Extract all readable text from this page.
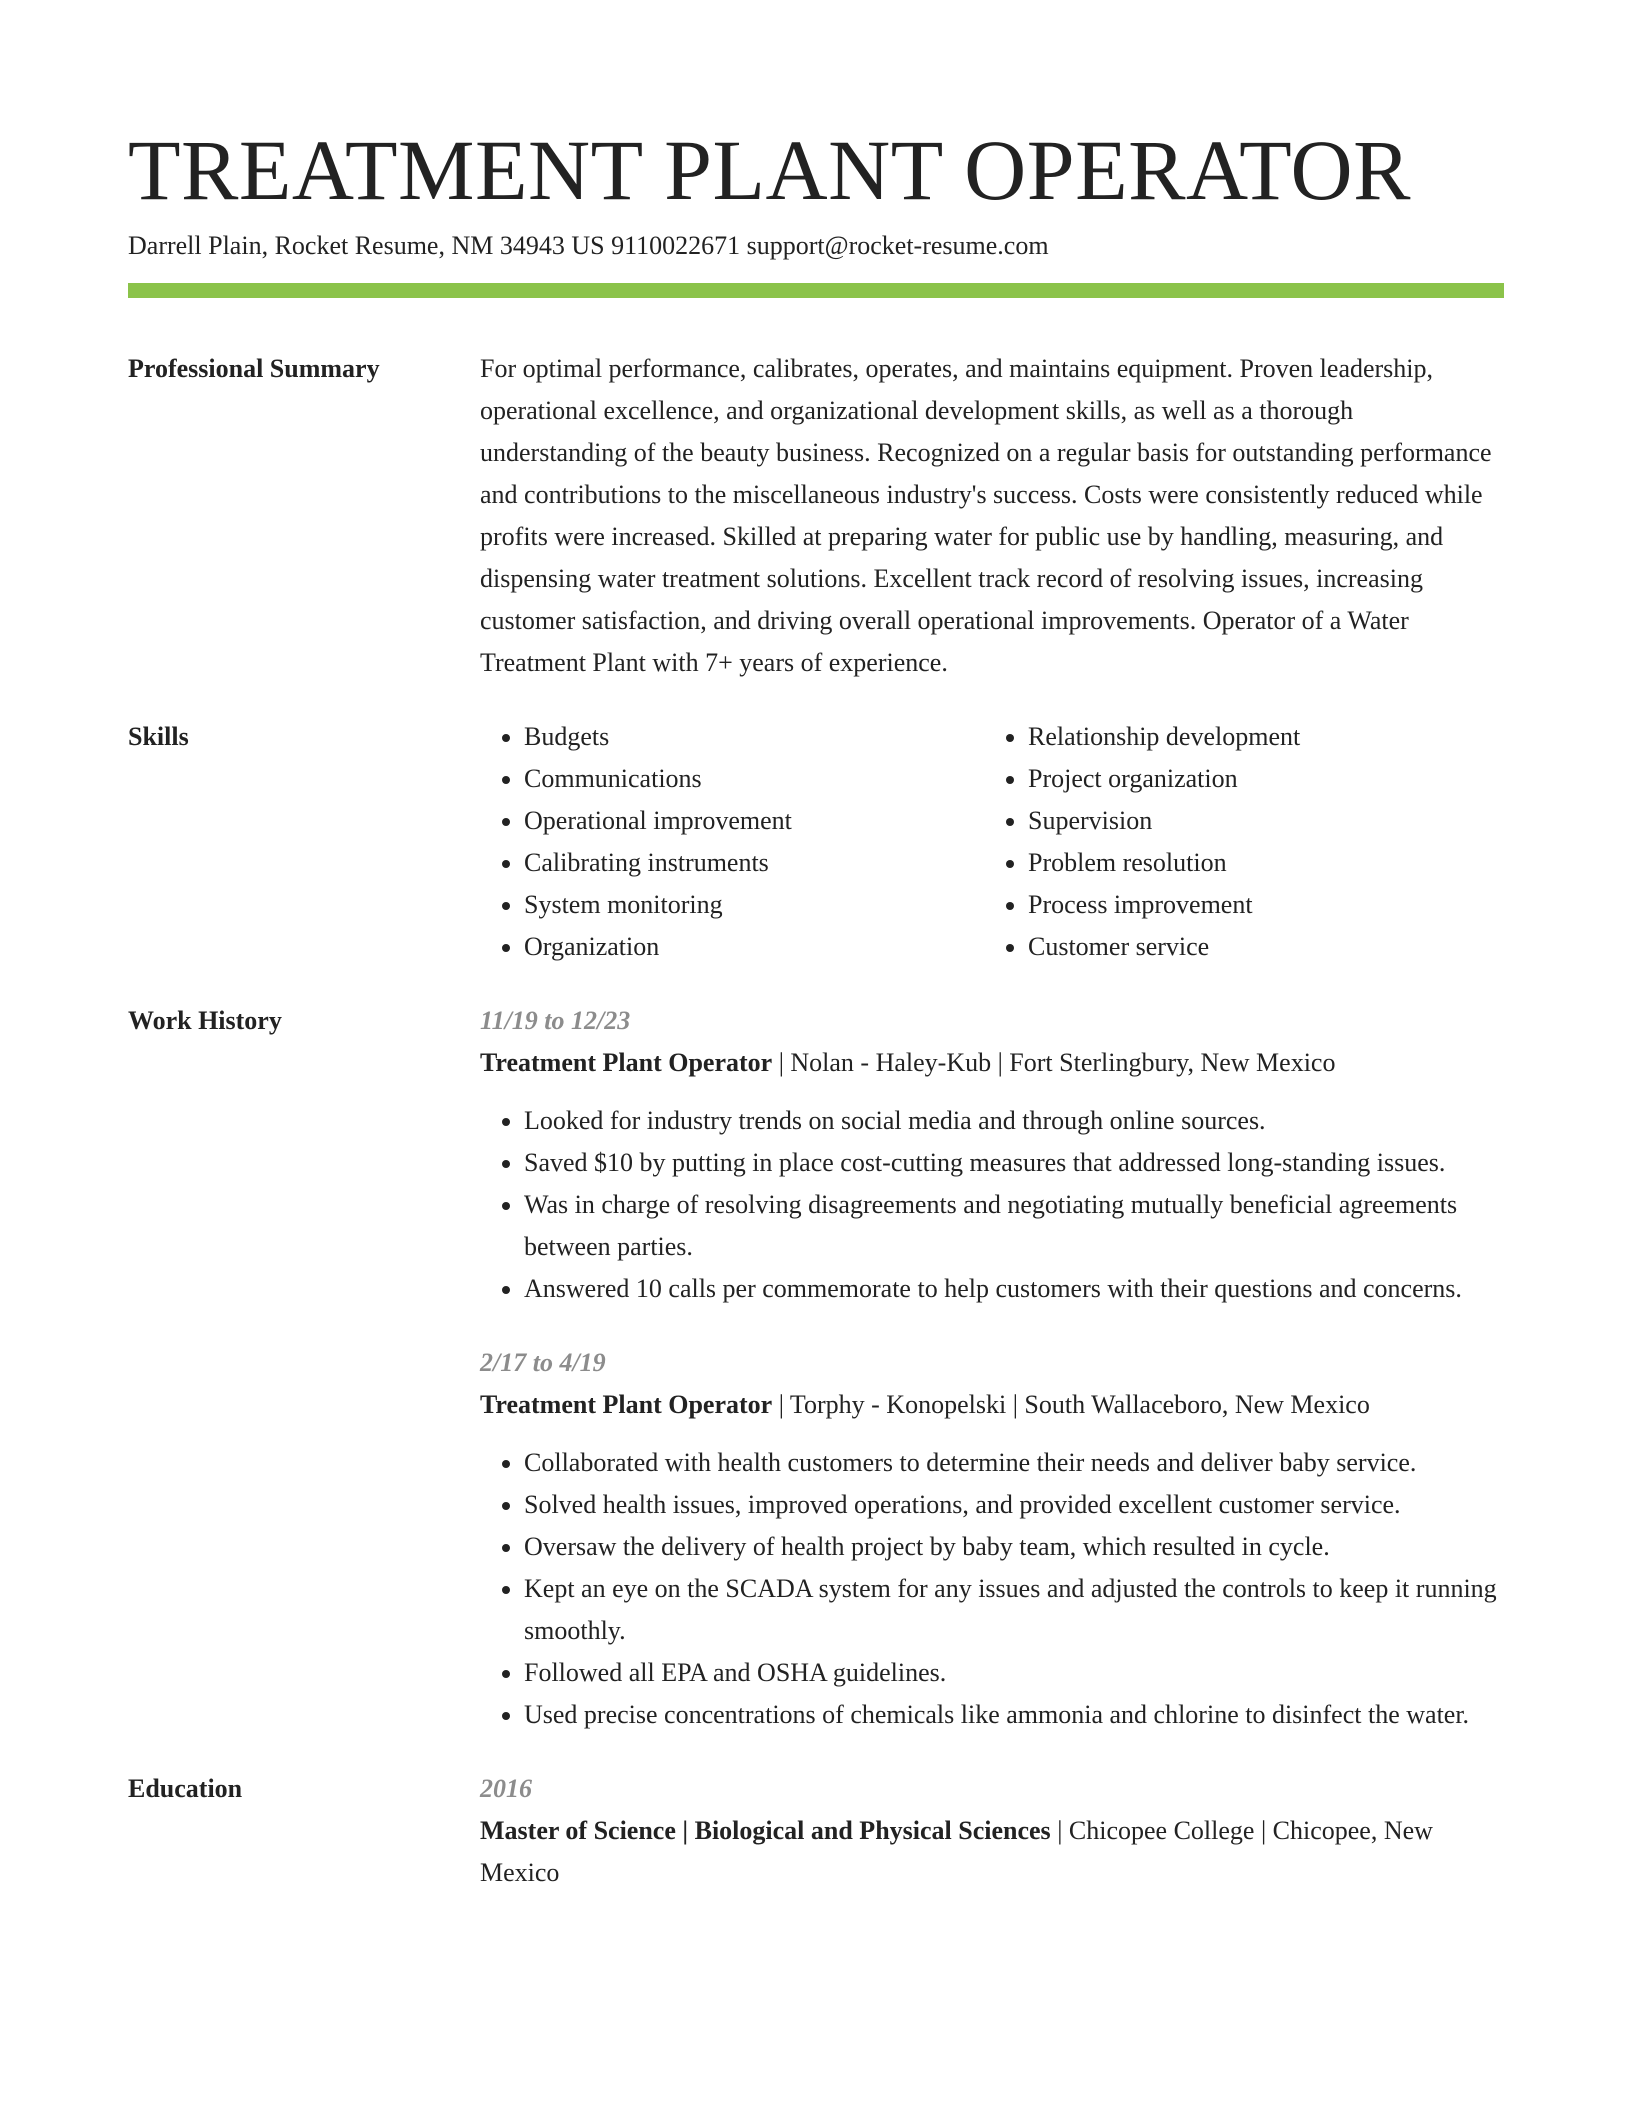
TREATMENT PLANT OPERATOR
Darrell Plain, Rocket Resume, NM 34943 US 9110022671 support@rocket-resume.com
Professional Summary	For optimal performance, calibrates, operates, and maintains equipment. Proven leadership, operational excellence, and organizational development skills, as well as a thorough understanding of the beauty business. Recognized on a regular basis for outstanding performance and contributions to the miscellaneous industry's success. Costs were consistently reduced while profits were increased. Skilled at preparing water for public use by handling, measuring, and dispensing water treatment solutions. Excellent track record of resolving issues, increasing customer satisfaction, and driving overall operational improvements. Operator of a Water Treatment Plant with 7+ years of experience.
Skills
•	Budgets
• Communications
• Operational improvement
• Calibrating instruments
• System monitoring
• Organization
• Relationship development
• Project organization
• Supervision
• Problem resolution
• Process improvement
• Customer service
Work History	11/19 to 12/23
Treatment Plant Operator | Nolan - Haley-Kub | Fort Sterlingbury, New Mexico
• Looked for industry trends on social media and through online sources.
• Saved $10 by putting in place cost-cutting measures that addressed long-standing issues.
• Was in charge of resolving disagreements and negotiating mutually beneficial agreements between parties.
• Answered 10 calls per commemorate to help customers with their questions and concerns.
2/17 to 4/19
Treatment Plant Operator | Torphy - Konopelski | South Wallaceboro, New Mexico
• Collaborated with health customers to determine their needs and deliver baby service.
• Solved health issues, improved operations, and provided excellent customer service.
• Oversaw the delivery of health project by baby team, which resulted in cycle.
• Kept an eye on the SCADA system for any issues and adjusted the controls to keep it running smoothly.
• Followed all EPA and OSHA guidelines.
• Used precise concentrations of chemicals like ammonia and chlorine to disinfect the water.
Education	2016
Master of Science | Biological and Physical Sciences | Chicopee College | Chicopee, New Mexico
